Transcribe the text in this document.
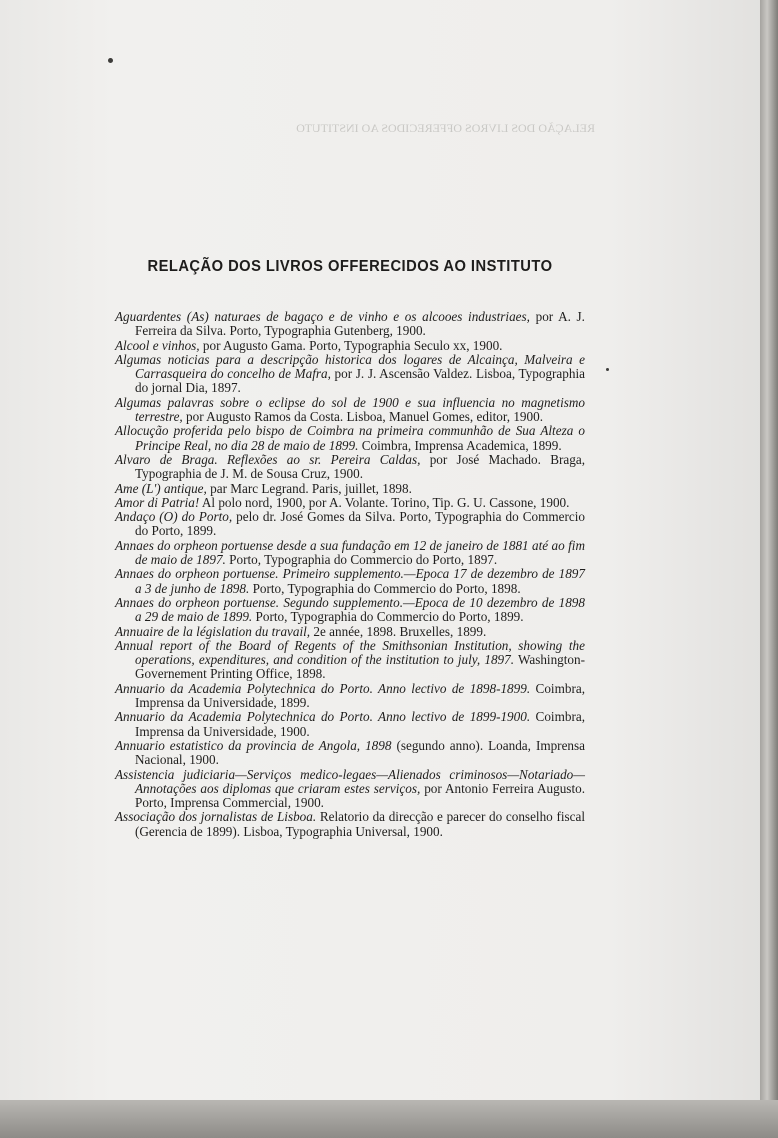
RELAÇÃO DOS LIVROS OFFERECIDOS AO INSTITUTO
RELAÇÃO DOS LIVROS OFFERECIDOS AO INSTITUTO

Aguardentes (As) naturaes de bagaço e de vinho e os alcooes industriaes, por A. J. Ferreira da Silva. Porto, Typographia Gutenberg, 1900.

Alcool e vinhos, por Augusto Gama. Porto, Typographia Seculo xx, 1900.

Algumas noticias para a descripção historica dos logares de Alcainça, Malveira e Carrasqueira do concelho de Mafra, por J. J. Ascensão Valdez. Lisboa, Typographia do jornal Dia, 1897.

Algumas palavras sobre o eclipse do sol de 1900 e sua influencia no magnetismo terrestre, por Augusto Ramos da Costa. Lisboa, Manuel Gomes, editor, 1900.

Allocução proferida pelo bispo de Coimbra na primeira communhão de Sua Alteza o Principe Real, no dia 28 de maio de 1899. Coimbra, Imprensa Academica, 1899.

Alvaro de Braga. Reflexões ao sr. Pereira Caldas, por José Machado. Braga, Typographia de J. M. de Sousa Cruz, 1900.

Ame (L') antique, par Marc Legrand. Paris, juillet, 1898.

Amor di Patria! Al polo nord, 1900, por A. Volante. Torino, Tip. G. U. Cassone, 1900.

Andaço (O) do Porto, pelo dr. José Gomes da Silva. Porto, Typographia do Commercio do Porto, 1899.

Annaes do orpheon portuense desde a sua fundação em 12 de janeiro de 1881 até ao fim de maio de 1897. Porto, Typographia do Commercio do Porto, 1897.

Annaes do orpheon portuense. Primeiro supplemento.—Epoca 17 de dezembro de 1897 a 3 de junho de 1898. Porto, Typographia do Commercio do Porto, 1898.

Annaes do orpheon portuense. Segundo supplemento.—Epoca de 10 dezembro de 1898 a 29 de maio de 1899. Porto, Typographia do Commercio do Porto, 1899.

Annuaire de la législation du travail, 2e année, 1898. Bruxelles, 1899.

Annual report of the Board of Regents of the Smithsonian Institution, showing the operations, expenditures, and condition of the institution to july, 1897. Washington-Governement Printing Office, 1898.

Annuario da Academia Polytechnica do Porto. Anno lectivo de 1898-1899. Coimbra, Imprensa da Universidade, 1899.

Annuario da Academia Polytechnica do Porto. Anno lectivo de 1899-1900. Coimbra, Imprensa da Universidade, 1900.

Annuario estatistico da provincia de Angola, 1898 (segundo anno). Loanda, Imprensa Nacional, 1900.

Assistencia judiciaria—Serviços medico-legaes—Alienados criminosos—Notariado—Annotações aos diplomas que criaram estes serviços, por Antonio Ferreira Augusto. Porto, Imprensa Commercial, 1900.

Associação dos jornalistas de Lisboa. Relatorio da direcção e parecer do conselho fiscal (Gerencia de 1899). Lisboa, Typographia Universal, 1900.
